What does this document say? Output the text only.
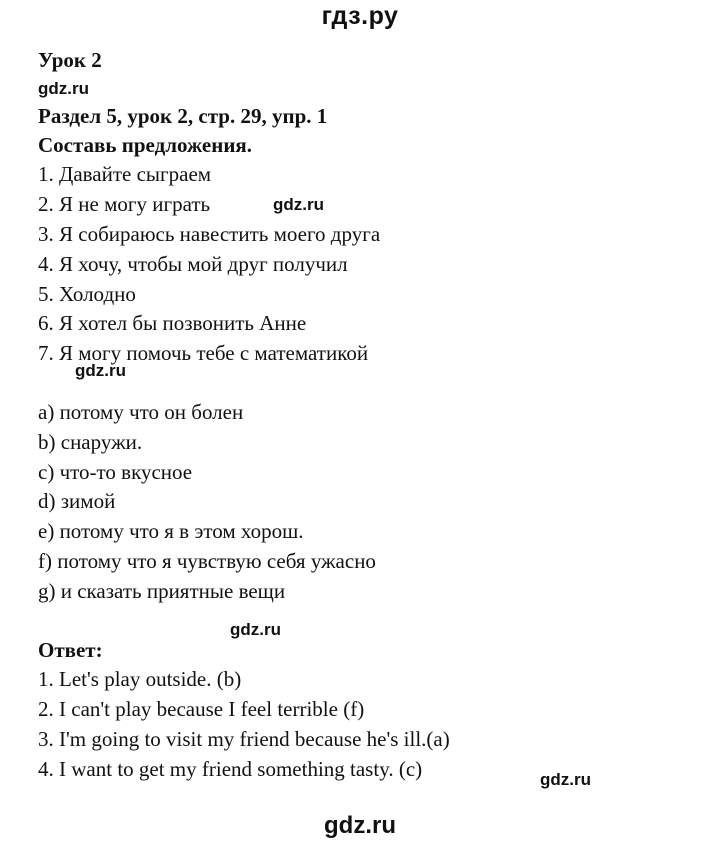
гдз.ру
Урок 2
gdz.ru
Раздел 5, урок 2, стр. 29, упр. 1
Составь предложения.
1. Давайте сыграем
2. Я не могу играть
3. Я собираюсь навестить моего друга
4. Я хочу, чтобы мой друг получил
5. Холодно
6. Я хотел бы позвонить Анне
7. Я могу помочь тебе с математикой
gdz.ru
gdz.ru
a) потому что он болен
b) снаружи.
c) что-то вкусное
d) зимой
e) потому что я в этом хорош.
f) потому что я чувствую себя ужасно
g) и сказать приятные вещи
gdz.ru
Ответ:
1. Let's play outside. (b)
2. I can't play because I feel terrible (f)
3. I'm going to visit my friend because he's ill.(a)
4. I want to get my friend something tasty. (c)	gdz.ru
gdz.ru
